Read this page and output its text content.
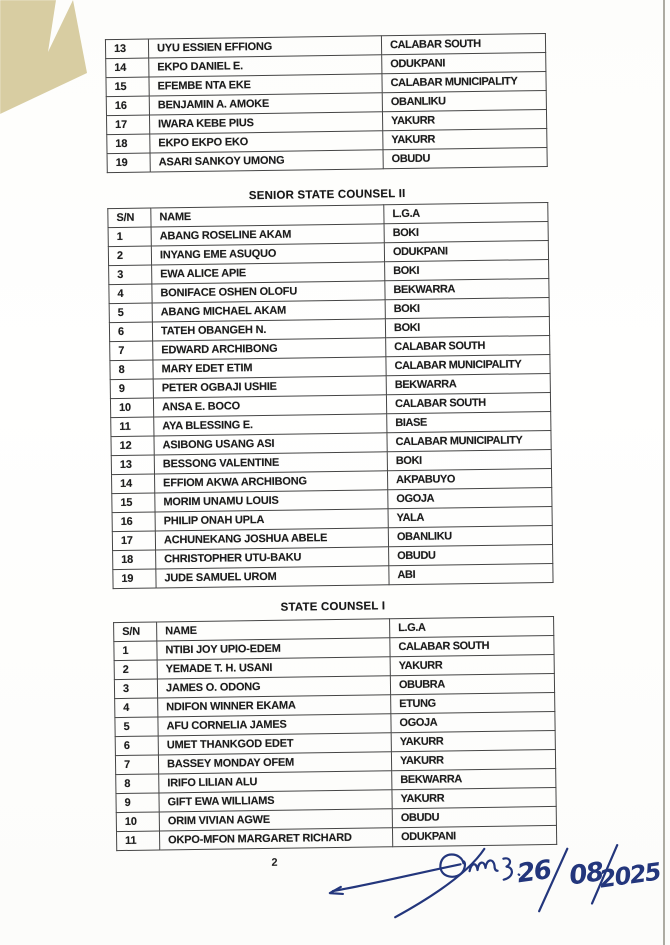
13	UYU ESSIEN EFFIONG	CALABAR SOUTH
14	EKPO DANIEL E.	ODUKPANI
15	EFEMBE NTA EKE	CALABAR MUNICIPALITY
16	BENJAMIN A. AMOKE	OBANLIKU
17	IWARA KEBE PIUS	YAKURR
18	EKPO EKPO EKO	YAKURR
19	ASARI SANKOY UMONG	OBUDU
SENIOR STATE COUNSEL II
S/N	NAME	L.G.A
1	ABANG ROSELINE AKAM	BOKI
2	INYANG EME ASUQUO	ODUKPANI
3	EWA ALICE APIE	BOKI
4	BONIFACE OSHEN OLOFU	BEKWARRA
5	ABANG MICHAEL AKAM	BOKI
6	TATEH OBANGEH N.	BOKI
7	EDWARD ARCHIBONG	CALABAR SOUTH
8	MARY EDET ETIM	CALABAR MUNICIPALITY
9	PETER OGBAJI USHIE	BEKWARRA
10	ANSA E. BOCO	CALABAR SOUTH
11	AYA BLESSING E.	BIASE
12	ASIBONG USANG ASI	CALABAR MUNICIPALITY
13	BESSONG VALENTINE	BOKI
14	EFFIOM AKWA ARCHIBONG	AKPABUYO
15	MORIM UNAMU LOUIS	OGOJA
16	PHILIP ONAH UPLA	YALA
17	ACHUNEKANG JOSHUA ABELE	OBANLIKU
18	CHRISTOPHER UTU-BAKU	OBUDU
19	JUDE SAMUEL UROM	ABI
STATE COUNSEL I
S/N	NAME	L.G.A
1	NTIBI JOY UPIO-EDEM	CALABAR SOUTH
2	YEMADE T. H. USANI	YAKURR
3	JAMES O. ODONG	OBUBRA
4	NDIFON WINNER EKAMA	ETUNG
5	AFU CORNELIA JAMES	OGOJA
6	UMET THANKGOD EDET	YAKURR
7	BASSEY MONDAY OFEM	YAKURR
8	IRIFO LILIAN ALU	BEKWARRA
9	GIFT EWA WILLIAMS	YAKURR
10	ORIM VIVIAN AGWE	OBUDU
11	OKPO-MFON MARGARET RICHARD	ODUKPANI
2	26 08
2025
